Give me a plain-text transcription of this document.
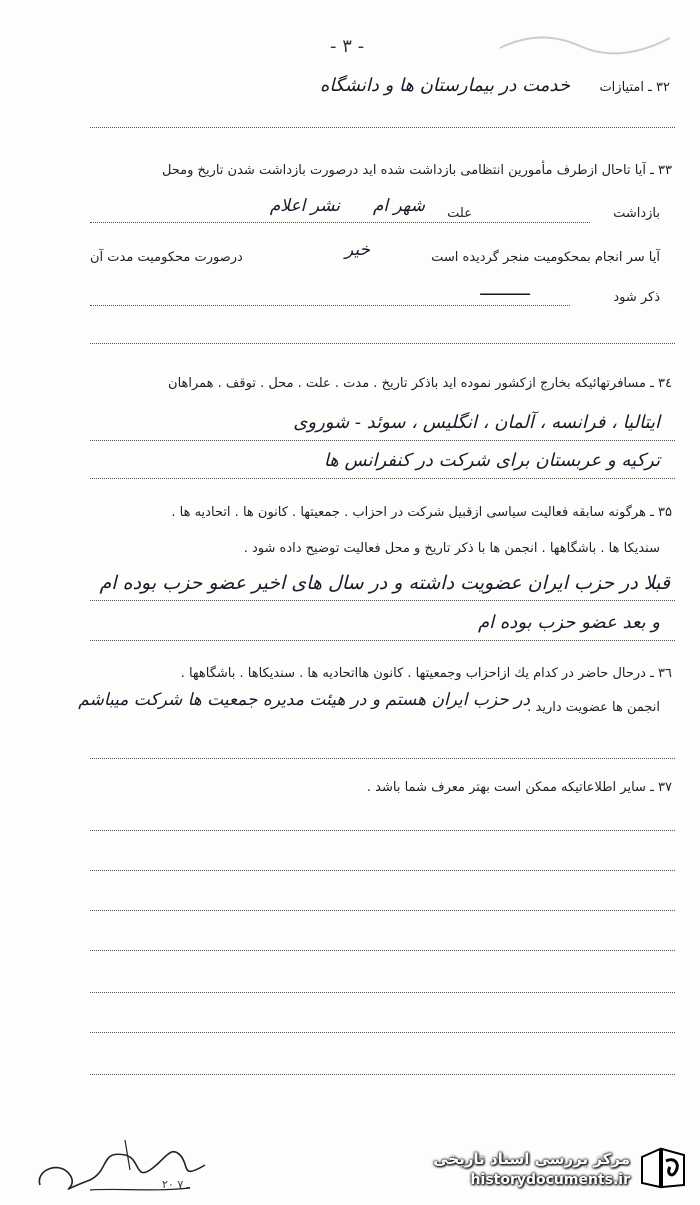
- ۳ -
۳۲ ـ امتیازات
خدمت در بیمارستان ها و دانشگاه
۳۳ ـ آیا تاحال ازطرف مأمورین انتظامی بازداشت شده اید درصورت بازداشت شدن تاریخ ومحل
بازداشت
شهر ام علت
نشر اعلام
آیا سر انجام بمحکومیت منجر گردیده است
خیر
درصورت محکومیت مدت آن
ذکر شود
ــــــــــ
۳٤ ـ مسافرتهائیکه بخارج ازکشور نموده اید باذکر تاریخ . مدت . علت . محل . توقف . همراهان
ایتالیا ، فرانسه ، آلمان ، انگلیس ، سوئد - شوروی
ترکیه و عربستان برای شرکت در کنفرانس ها
۳۵ ـ هرگونه سابقه فعالیت سیاسی ازقبیل شرکت در احزاب . جمعیتها . کانون ها . اتحادیه ها .
سندیکا ها . باشگاهها . انجمن ها با ذکر تاریخ و محل فعالیت توضیح داده شود .
قبلا در حزب ایران عضویت داشته و در سال های اخیر عضو حزب بوده ام
و بعد عضو حزب بوده ام
۳٦ ـ درحال حاضر در کدام یك ازاحزاب وجمعیتها . کانون هااتحادیه ها . سندیکاها . باشگاهها .
انجمن ها عضویت دارید .
در حزب ایران هستم و در هیئت مدیره جمعیت ها شرکت میباشم
۳۷ ـ سایر اطلاعاتیکه ممکن است بهتر معرف شما باشد .
۲۰ ـ ۷
مرکز بررسی اسناد تاریخی
historydocuments.ir
